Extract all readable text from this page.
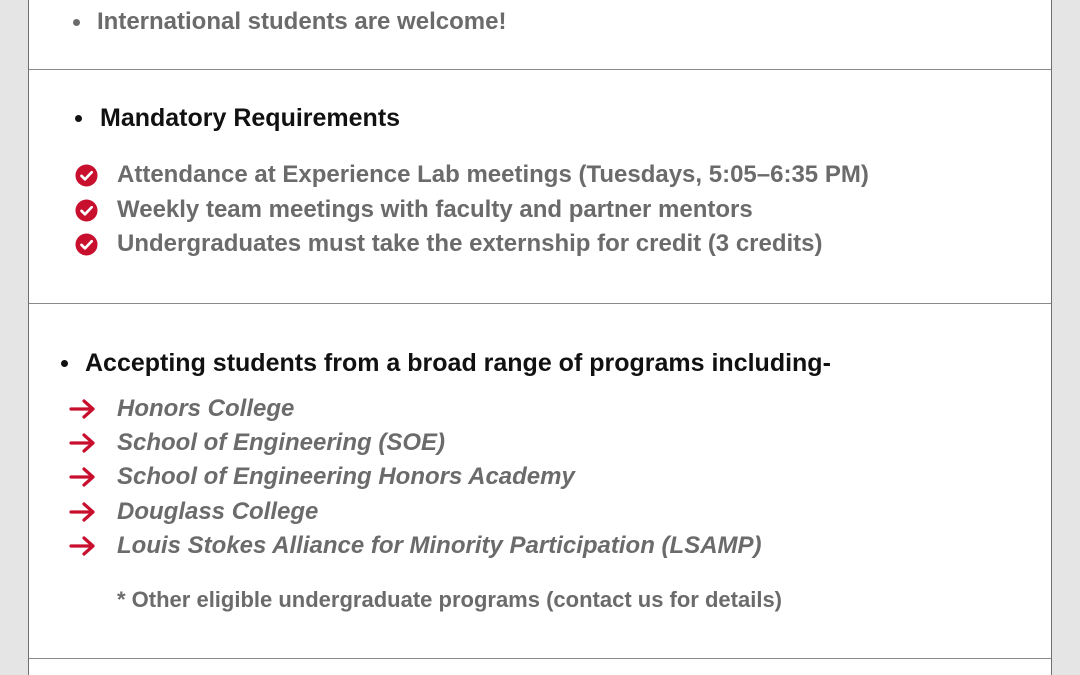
International students are welcome!
Mandatory Requirements
Attendance at Experience Lab meetings (Tuesdays, 5:05–6:35 PM)
Weekly team meetings with faculty and partner mentors
Undergraduates must take the externship for credit (3 credits)
Accepting students from a broad range of programs including-
Honors College
School of Engineering (SOE)
School of Engineering Honors Academy
Douglass College
Louis Stokes Alliance for Minority Participation (LSAMP)
* Other eligible undergraduate programs (contact us for details)
